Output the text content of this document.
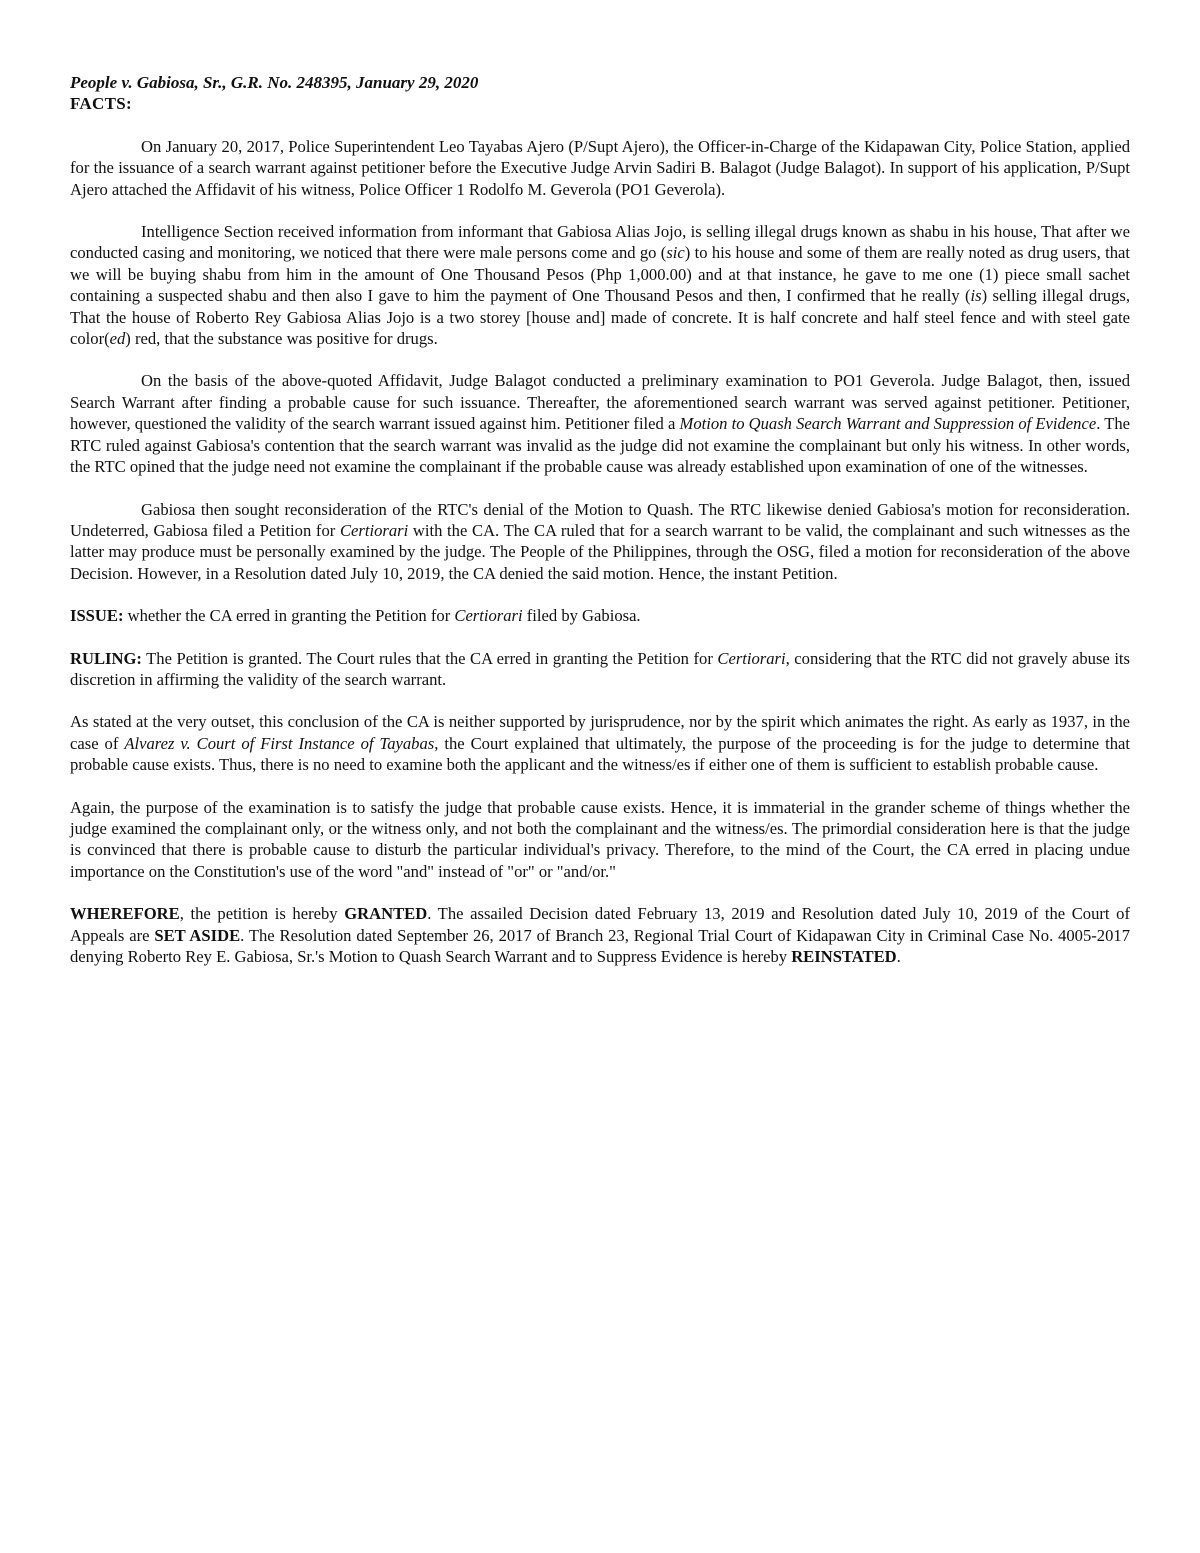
People v. Gabiosa, Sr., G.R. No. 248395, January 29, 2020
FACTS:

On January 20, 2017, Police Superintendent Leo Tayabas Ajero (P/Supt Ajero), the Officer-in-Charge of the Kidapawan City, Police Station, applied for the issuance of a search warrant against petitioner before the Executive Judge Arvin Sadiri B. Balagot (Judge Balagot). In support of his application, P/Supt Ajero attached the Affidavit of his witness, Police Officer 1 Rodolfo M. Geverola (PO1 Geverola).

Intelligence Section received information from informant that Gabiosa Alias Jojo, is selling illegal drugs known as shabu in his house, That after we conducted casing and monitoring, we noticed that there were male persons come and go (sic) to his house and some of them are really noted as drug users, that we will be buying shabu from him in the amount of One Thousand Pesos (Php 1,000.00) and at that instance, he gave to me one (1) piece small sachet containing a suspected shabu and then also I gave to him the payment of One Thousand Pesos and then, I confirmed that he really (is) selling illegal drugs, That the house of Roberto Rey Gabiosa Alias Jojo is a two storey [house and] made of concrete. It is half concrete and half steel fence and with steel gate color(ed) red, that the substance was positive for drugs.

On the basis of the above-quoted Affidavit, Judge Balagot conducted a preliminary examination to PO1 Geverola. Judge Balagot, then, issued Search Warrant after finding a probable cause for such issuance. Thereafter, the aforementioned search warrant was served against petitioner. Petitioner, however, questioned the validity of the search warrant issued against him. Petitioner filed a Motion to Quash Search Warrant and Suppression of Evidence. The RTC ruled against Gabiosa's contention that the search warrant was invalid as the judge did not examine the complainant but only his witness. In other words, the RTC opined that the judge need not examine the complainant if the probable cause was already established upon examination of one of the witnesses.

Gabiosa then sought reconsideration of the RTC's denial of the Motion to Quash. The RTC likewise denied Gabiosa's motion for reconsideration. Undeterred, Gabiosa filed a Petition for Certiorari with the CA. The CA ruled that for a search warrant to be valid, the complainant and such witnesses as the latter may produce must be personally examined by the judge. The People of the Philippines, through the OSG, filed a motion for reconsideration of the above Decision. However, in a Resolution dated July 10, 2019, the CA denied the said motion. Hence, the instant Petition.

ISSUE: whether the CA erred in granting the Petition for Certiorari filed by Gabiosa.

RULING: The Petition is granted. The Court rules that the CA erred in granting the Petition for Certiorari, considering that the RTC did not gravely abuse its discretion in affirming the validity of the search warrant.

As stated at the very outset, this conclusion of the CA is neither supported by jurisprudence, nor by the spirit which animates the right. As early as 1937, in the case of Alvarez v. Court of First Instance of Tayabas, the Court explained that ultimately, the purpose of the proceeding is for the judge to determine that probable cause exists. Thus, there is no need to examine both the applicant and the witness/es if either one of them is sufficient to establish probable cause.

Again, the purpose of the examination is to satisfy the judge that probable cause exists. Hence, it is immaterial in the grander scheme of things whether the judge examined the complainant only, or the witness only, and not both the complainant and the witness/es. The primordial consideration here is that the judge is convinced that there is probable cause to disturb the particular individual's privacy. Therefore, to the mind of the Court, the CA erred in placing undue importance on the Constitution's use of the word "and" instead of "or" or "and/or."

WHEREFORE, the petition is hereby GRANTED. The assailed Decision dated February 13, 2019 and Resolution dated July 10, 2019 of the Court of Appeals are SET ASIDE. The Resolution dated September 26, 2017 of Branch 23, Regional Trial Court of Kidapawan City in Criminal Case No. 4005-2017 denying Roberto Rey E. Gabiosa, Sr.'s Motion to Quash Search Warrant and to Suppress Evidence is hereby REINSTATED.
